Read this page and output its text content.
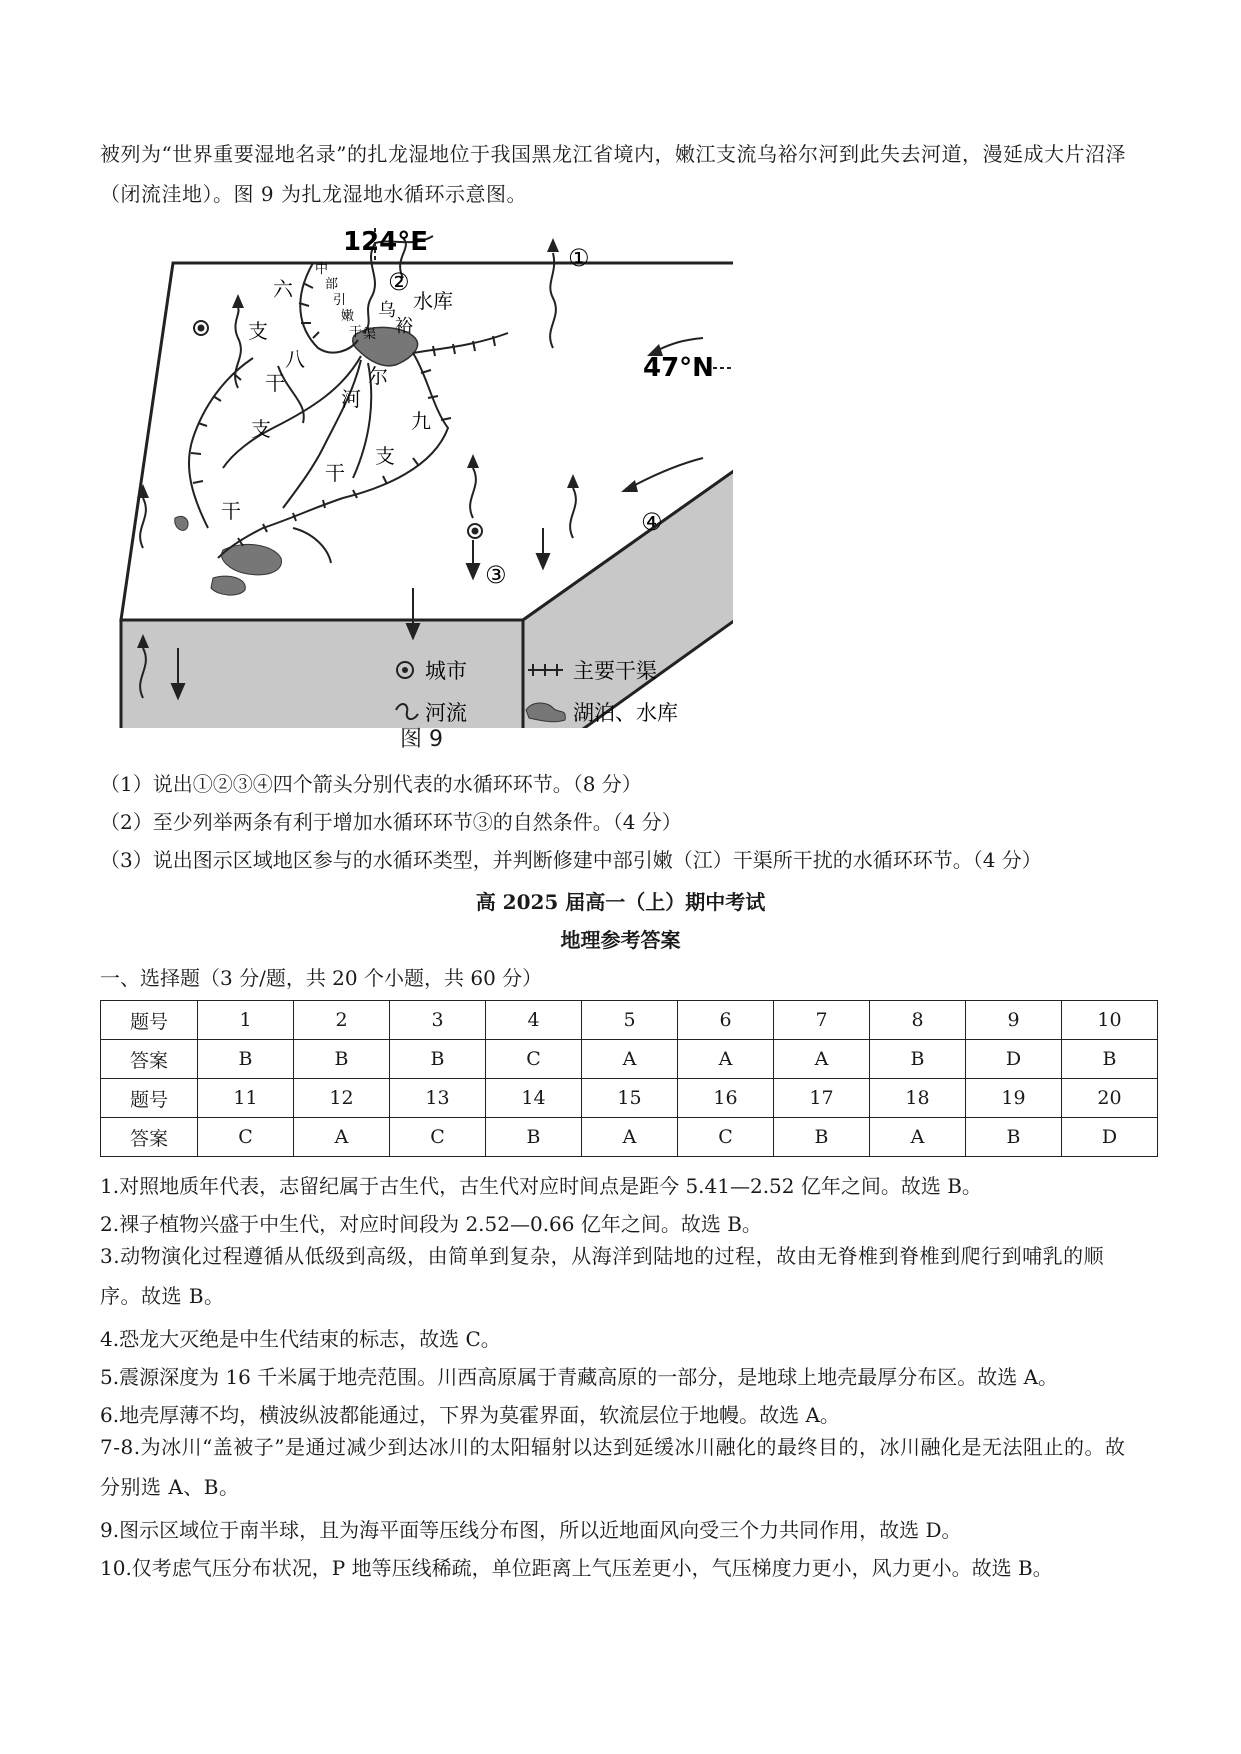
被列为“世界重要湿地名录”的扎龙湿地位于我国黑龙江省境内，嫩江支流乌裕尔河到此失去河道，漫延成大片沼泽（闭流洼地）。图 9 为扎龙湿地水循环示意图。
①
②
③
④
124°E
47°N
水库
乌
裕
尔
河
中
部
引
嫩
干 渠
六
支
八
干
九
支
干
支
干
城市	主要干渠
河流	湖泊、水库
图 9
（1）说出①②③④四个箭头分别代表的水循环环节。（8 分）
（2）至少列举两条有利于增加水循环环节③的自然条件。（4 分）
（3）说出图示区域地区参与的水循环类型，并判断修建中部引嫩（江）干渠所干扰的水循环环节。（4 分）
高 2025 届高一（上）期中考试
地理参考答案
一、选择题（3 分/题，共 20 个小题，共 60 分）
题号	1	2	3	4	5	6	7	8	9	10
答案	B	B	B	C	A	A	A	B	D	B
题号	11	12	13	14	15	16	17	18	19	20
答案	C	A	C	B	A	C	B	A	B	D
1.对照地质年代表，志留纪属于古生代，古生代对应时间点是距今 5.41—2.52 亿年之间。故选 B。
2.裸子植物兴盛于中生代，对应时间段为 2.52—0.66 亿年之间。故选 B。
3.动物演化过程遵循从低级到高级，由简单到复杂，从海洋到陆地的过程，故由无脊椎到脊椎到爬行到哺乳的顺序。故选 B。
4.恐龙大灭绝是中生代结束的标志，故选 C。
5.震源深度为 16 千米属于地壳范围。川西高原属于青藏高原的一部分，是地球上地壳最厚分布区。故选 A。
6.地壳厚薄不均，横波纵波都能通过，下界为莫霍界面，软流层位于地幔。故选 A。
7-8.为冰川“盖被子”是通过减少到达冰川的太阳辐射以达到延缓冰川融化的最终目的，冰川融化是无法阻止的。故分别选 A、B。
9.图示区域位于南半球，且为海平面等压线分布图，所以近地面风向受三个力共同作用，故选 D。
10.仅考虑气压分布状况，P 地等压线稀疏，单位距离上气压差更小，气压梯度力更小，风力更小。故选 B。
